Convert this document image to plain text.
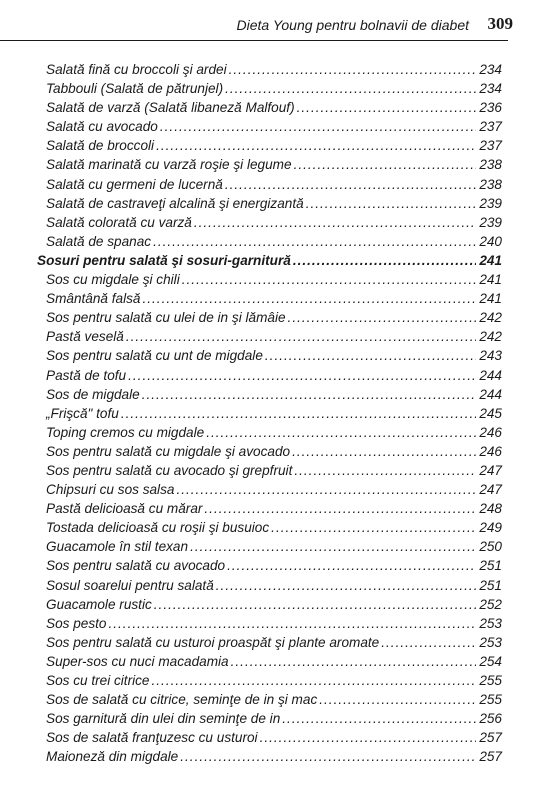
Dieta Young pentru bolnavii de diabet 309
Salată fină cu broccoli şi ardei .....	234
Tabbouli (Salată de pătrunjel) .....	234
Salată de varză (Salată libaneză Malfouf) .....	236
Salată cu avocado .....	237
Salată de broccoli .....	237
Salată marinată cu varză roşie şi legume .....	238
Salată cu germeni de lucernă .....	238
Salată de castraveţi alcalină şi energizantă .....	239
Salată colorată cu varză .....	239
Salată de spanac .....	240
Sosuri pentru salată şi sosuri-garnitură .....	241
Sos cu migdale şi chili .....	241
Smântână falsă .....	241
Sos pentru salată cu ulei de in şi lămâie .....	242
Pastă veselă .....	242
Sos pentru salată cu unt de migdale .....	243
Pastă de tofu .....	244
Sos de migdale .....	244
„Frişcă" tofu .....	245
Toping cremos cu migdale .....	246
Sos pentru salată cu migdale şi avocado .....	246
Sos pentru salată cu avocado şi grepfruit .....	247
Chipsuri cu sos salsa .....	247
Pastă delicioasă cu mărar .....	248
Tostada delicioasă cu roşii şi busuioc .....	249
Guacamole în stil texan .....	250
Sos pentru salată cu avocado .....	251
Sosul soarelui pentru salată .....	251
Guacamole rustic .....	252
Sos pesto .....	253
Sos pentru salată cu usturoi proaspăt şi plante aromate .....	253
Super-sos cu nuci macadamia .....	254
Sos cu trei citrice .....	255
Sos de salată cu citrice, seminţe de in şi mac .....	255
Sos garnitură din ulei din seminţe de in .....	256
Sos de salată franţuzesc cu usturoi .....	257
Maioneză din migdale .....	257
